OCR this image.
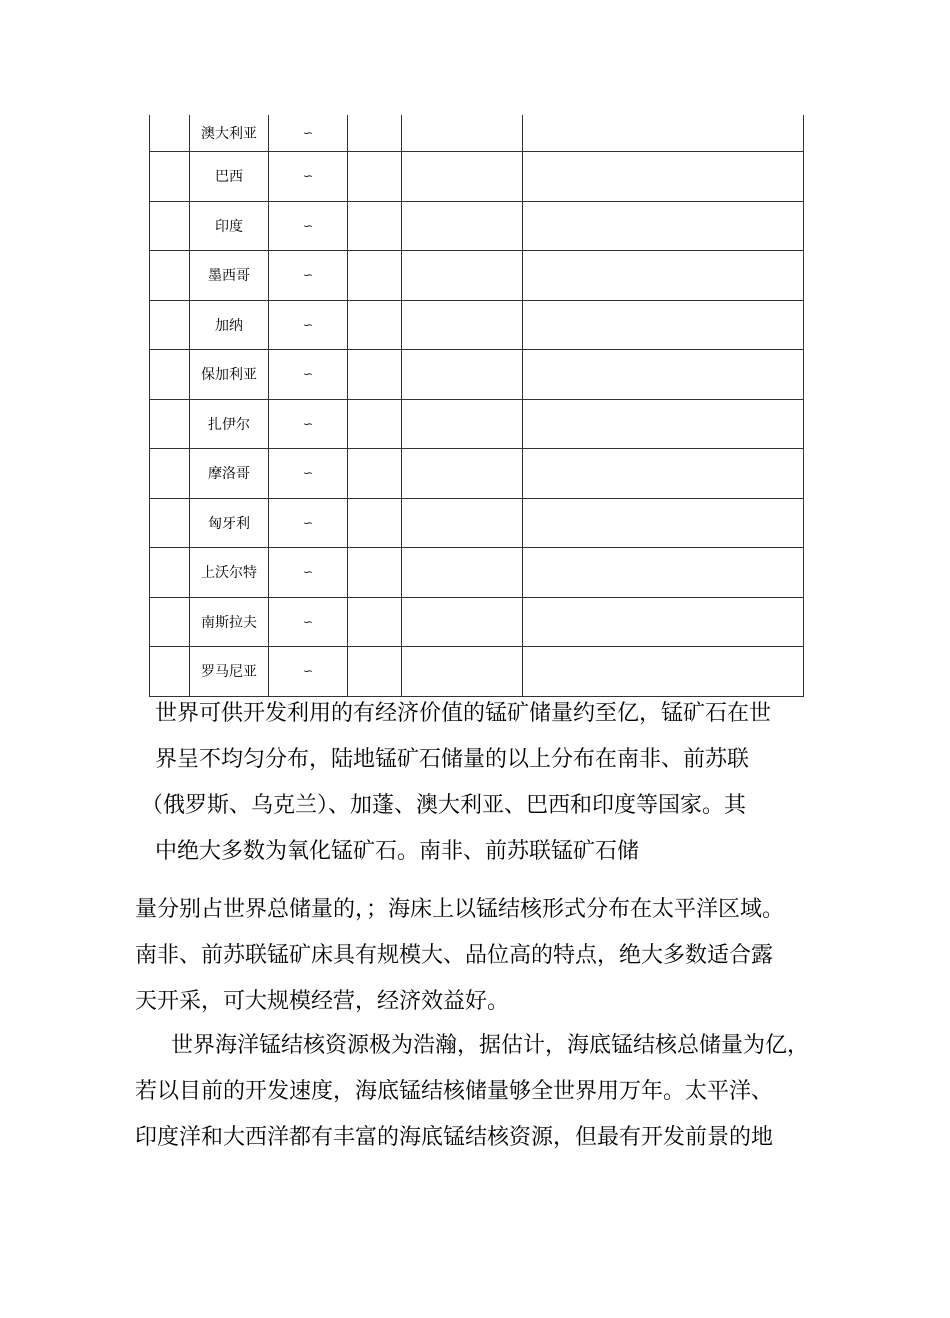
	澳大利亚	∽			
	巴西	∽			
	印度	∽			
	墨西哥	∽			
	加纳	∽			
	保加利亚	∽			
	扎伊尔	∽			
	摩洛哥	∽			
	匈牙利	∽			
	上沃尔特	∽			
	南斯拉夫	∽			
	罗马尼亚	∽			
世界可供开发利用的有经济价值的锰矿储量约至亿，锰矿石在世
界呈不均匀分布，陆地锰矿石储量的以上分布在南非、前苏联
（俄罗斯、乌克兰）、加蓬、澳大利亚、巴西和印度等国家。其
中绝大多数为氧化锰矿石。南非、前苏联锰矿石储
量分别占世界总储量的，；海床上以锰结核形式分布在太平洋区域。
南非、前苏联锰矿床具有规模大、品位高的特点，绝大多数适合露
天开采，可大规模经营，经济效益好。
世界海洋锰结核资源极为浩瀚，据估计，海底锰结核总储量为亿，
若以目前的开发速度，海底锰结核储量够全世界用万年。太平洋、
印度洋和大西洋都有丰富的海底锰结核资源，但最有开发前景的地
